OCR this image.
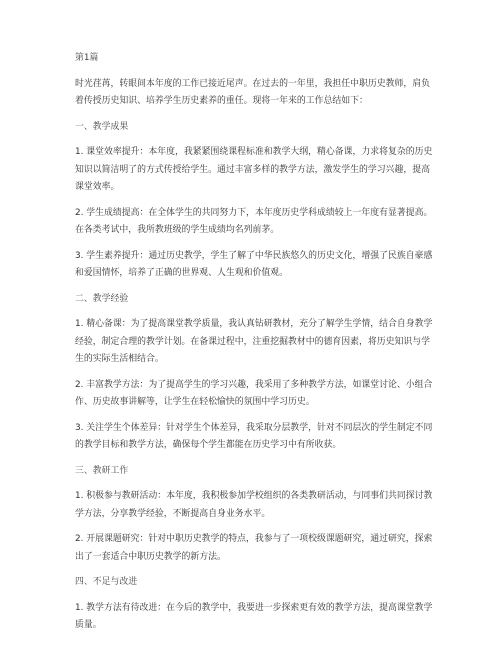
第1篇

时光荏苒，转眼间本年度的工作已接近尾声。在过去的一年里，我担任中职历史教师，肩负着传授历史知识、培养学生历史素养的重任。现将一年来的工作总结如下：

一、教学成果

1. 课堂效率提升：本年度，我紧紧围绕课程标准和教学大纲，精心备课，力求将复杂的历史知识以简洁明了的方式传授给学生。通过丰富多样的教学方法，激发学生的学习兴趣，提高课堂效率。

2. 学生成绩提高：在全体学生的共同努力下，本年度历史学科成绩较上一年度有显著提高。在各类考试中，我所教班级的学生成绩均名列前茅。

3. 学生素养提升：通过历史教学，学生了解了中华民族悠久的历史文化，增强了民族自豪感和爱国情怀，培养了正确的世界观、人生观和价值观。

二、教学经验

1. 精心备课：为了提高课堂教学质量，我认真钻研教材，充分了解学生学情，结合自身教学经验，制定合理的教学计划。在备课过程中，注重挖掘教材中的德育因素，将历史知识与学生的实际生活相结合。

2. 丰富教学方法：为了提高学生的学习兴趣，我采用了多种教学方法，如课堂讨论、小组合作、历史故事讲解等，让学生在轻松愉快的氛围中学习历史。

3. 关注学生个体差异：针对学生个体差异，我采取分层教学，针对不同层次的学生制定不同的教学目标和教学方法，确保每个学生都能在历史学习中有所收获。

三、教研工作

1. 积极参与教研活动：本年度，我积极参加学校组织的各类教研活动，与同事们共同探讨教学方法，分享教学经验，不断提高自身业务水平。

2. 开展课题研究：针对中职历史教学的特点，我参与了一项校级课题研究，通过研究，探索出了一套适合中职历史教学的新方法。

四、不足与改进

1. 教学方法有待改进：在今后的教学中，我要进一步探索更有效的教学方法，提高课堂教学质量。
